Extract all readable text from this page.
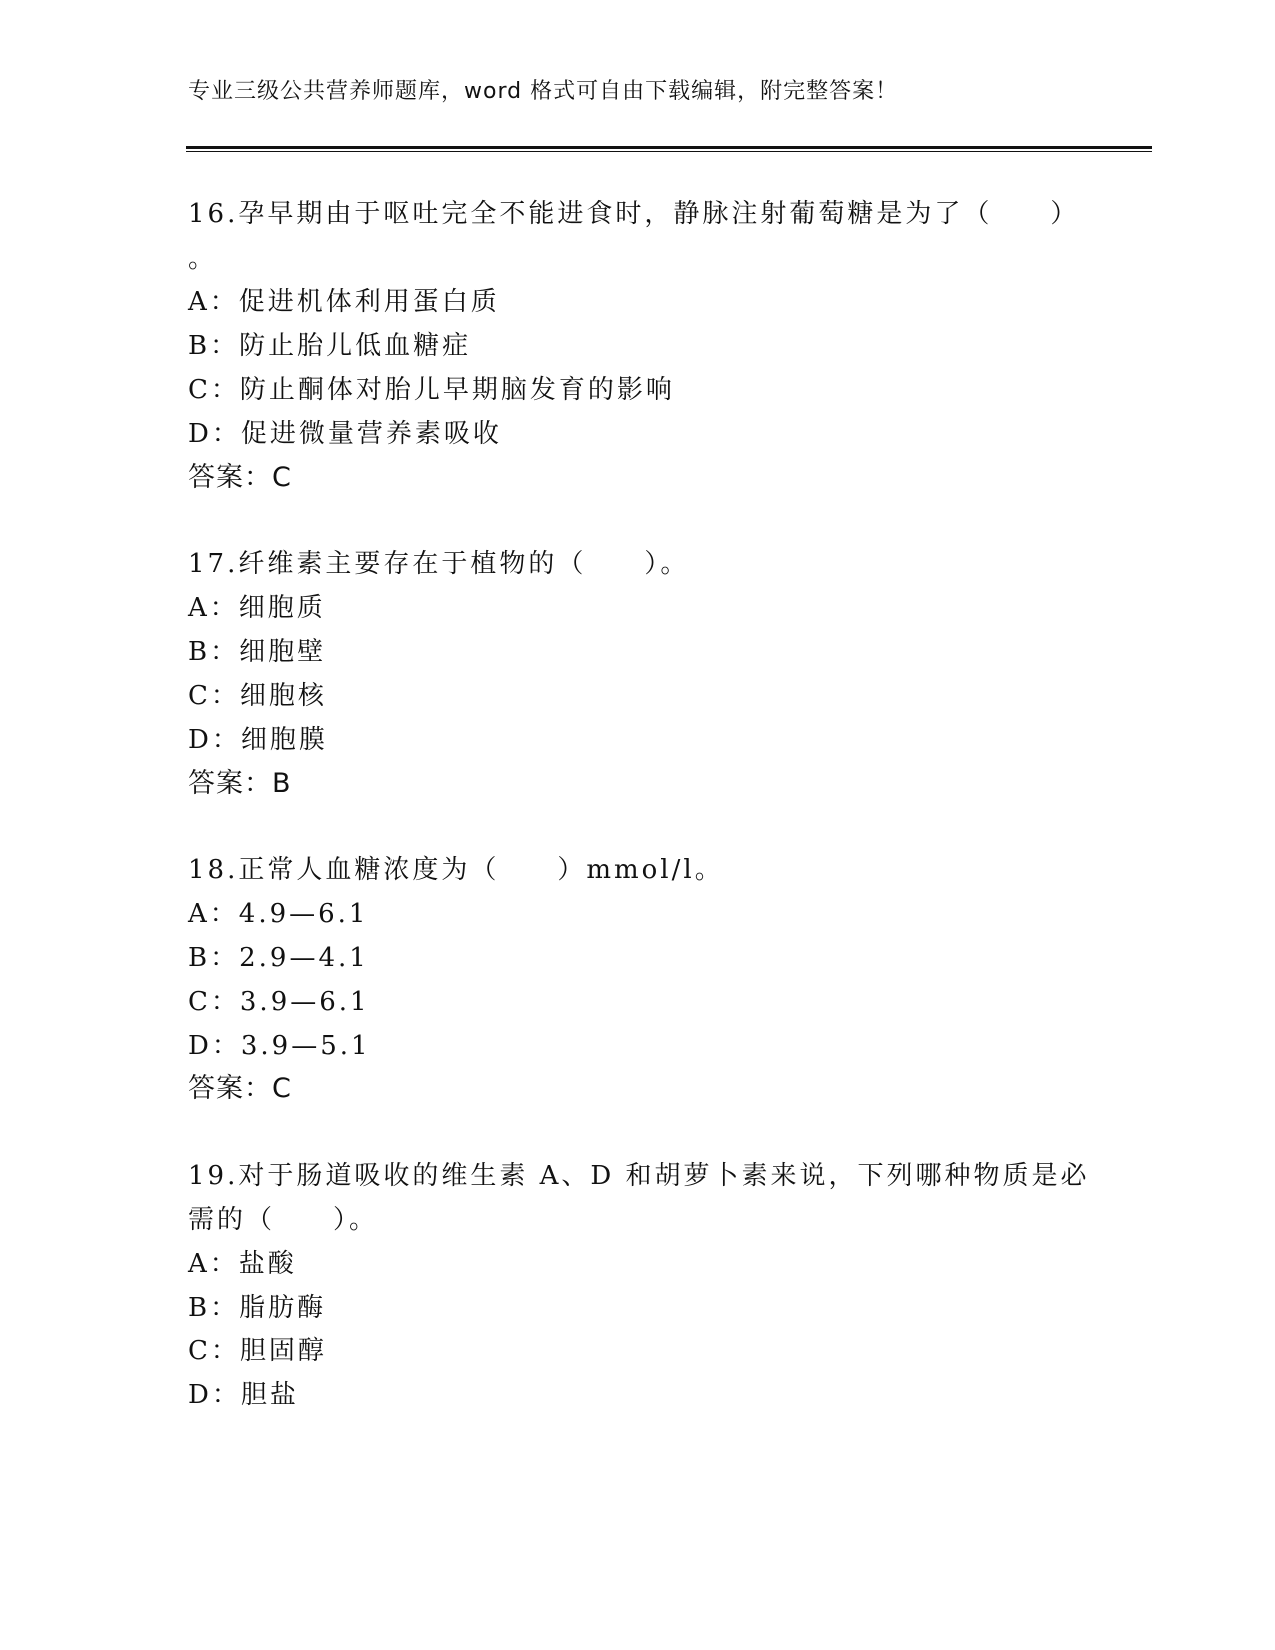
专业三级公共营养师题库，word 格式可自由下载编辑，附完整答案！
16.孕早期由于呕吐完全不能进食时，静脉注射葡萄糖是为了（　　）
。
A：促进机体利用蛋白质
B：防止胎儿低血糖症
C：防止酮体对胎儿早期脑发育的影响
D：促进微量营养素吸收
答案：C
17.纤维素主要存在于植物的（　　）。
A：细胞质
B：细胞壁
C：细胞核
D：细胞膜
答案：B
18.正常人血糖浓度为（　　）mmol/l。
A：4.9—6.1
B：2.9—4.1
C：3.9—6.1
D：3.9—5.1
答案：C
19.对于肠道吸收的维生素 A、D 和胡萝卜素来说，下列哪种物质是必
需的（　　）。
A：盐酸
B：脂肪酶
C：胆固醇
D：胆盐
